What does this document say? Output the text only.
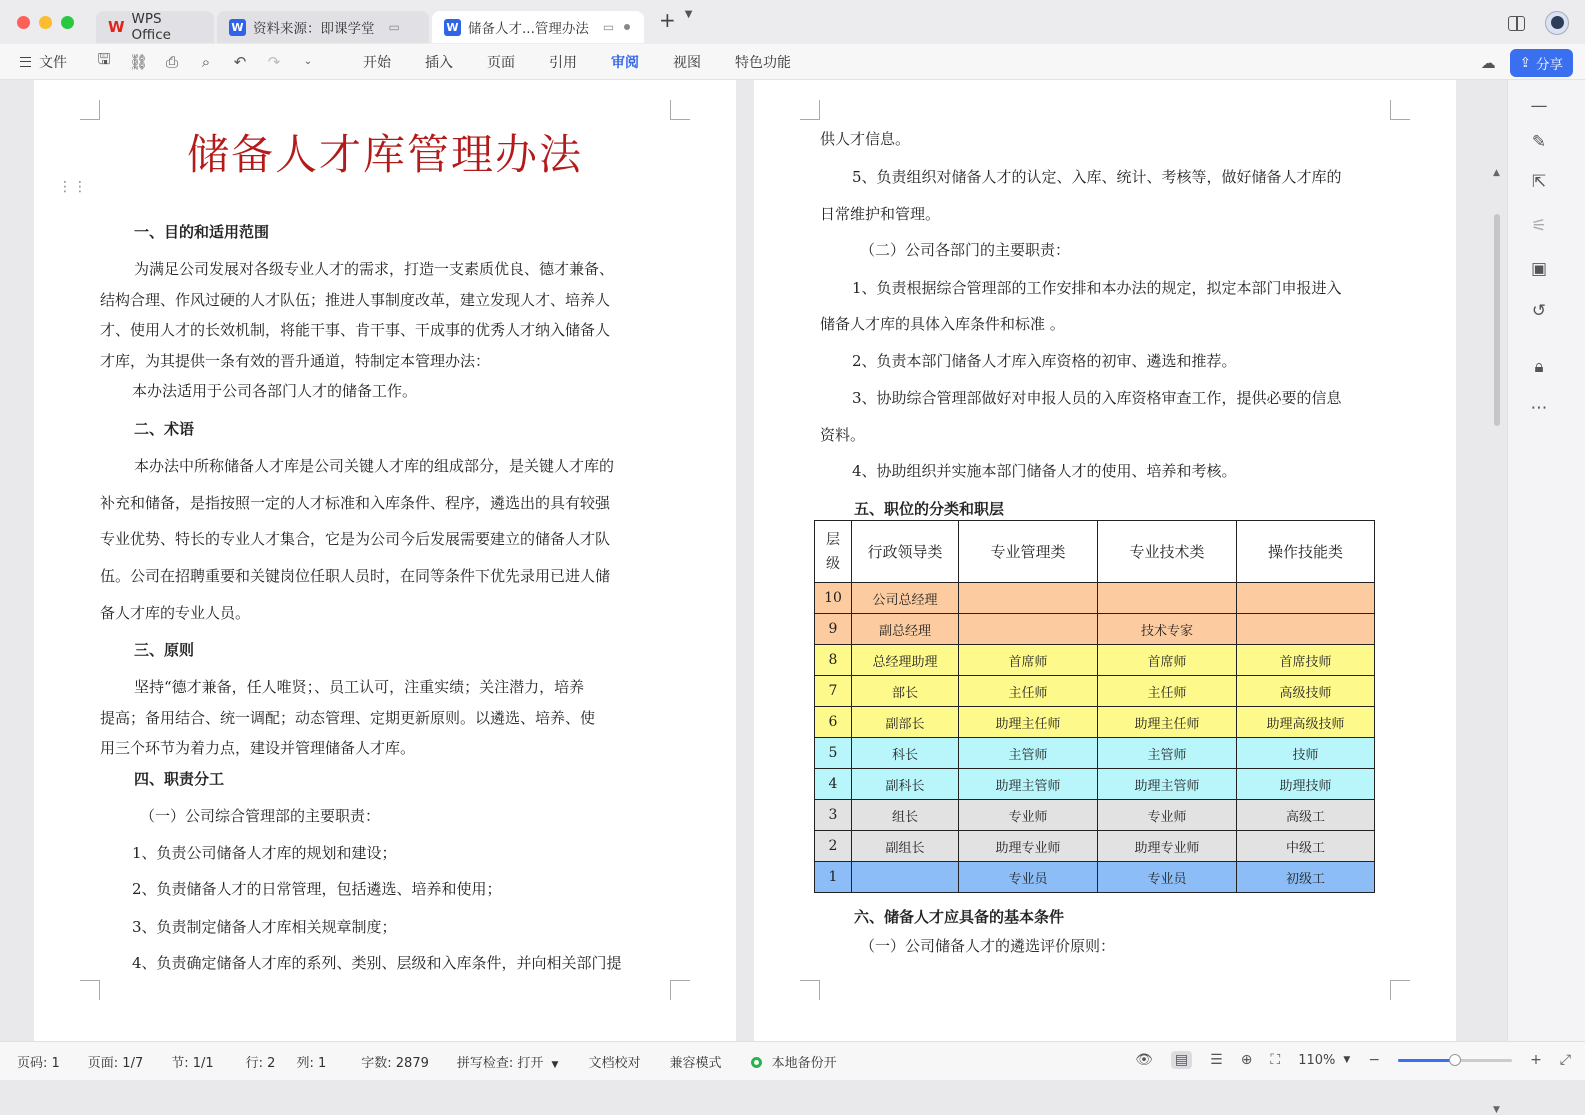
W WPS Office	W 资料来源：即课学堂 ▭	W 储备人才...管理办法 ▭ + ▼
文件 🖫 ⛓ ⎙	⌕	↶ ↷	⌄	开始 插入 页面 引用 审阅 视图 特色功能	☁ ⇪ 分享
储备人才库管理办法
⋮⋮
一、目的和适用范围
为满足公司发展对各级专业人才的需求，打造一支素质优良、德才兼备、
结构合理、作风过硬的人才队伍；推进人事制度改革，建立发现人才、培养人
才、使用人才的长效机制，将能干事、肯干事、干成事的优秀人才纳入储备人
才库，为其提供一条有效的晋升通道，特制定本管理办法：
本办法适用于公司各部门人才的储备工作。
二、术语
本办法中所称储备人才库是公司关键人才库的组成部分，是关键人才库的
补充和储备，是指按照一定的人才标准和入库条件、程序，遴选出的具有较强
专业优势、特长的专业人才集合，它是为公司今后发展需要建立的储备人才队
伍。公司在招聘重要和关键岗位任职人员时，在同等条件下优先录用已进人储
备人才库的专业人员。
三、原则
坚持“德才兼备，任人唯贤；、员工认可，注重实绩；关注潜力，培养
提高；备用结合、统一调配；动态管理、定期更新原则。以遴选、培养、使
用三个环节为着力点，建设并管理储备人才库。
四、职责分工
（一）公司综合管理部的主要职责：
1、负责公司储备人才库的规划和建设；
2、负责储备人才的日常管理，包括遴选、培养和使用；
3、负责制定储备人才库相关规章制度；
4、负责确定储备人才库的系列、类别、层级和入库条件，并向相关部门提
供人才信息。
5、负责组织对储备人才的认定、入库、统计、考核等，做好储备人才库的
日常维护和管理。
（二）公司各部门的主要职责：
1、负责根据综合管理部的工作安排和本办法的规定，拟定本部门申报进入
储备人才库的具体入库条件和标准 。
2、负责本部门储备人才库入库资格的初审、遴选和推荐。
3、协助综合管理部做好对申报人员的入库资格审查工作，提供必要的信息
资料。
4、协助组织并实施本部门储备人才的使用、培养和考核。
五、职位的分类和职层
层
级	行政领导类	专业管理类	专业技术类	操作技能类
10	公司总经理			
9	副总经理		技术专家	
8	总经理助理	首席师	首席师	首席技师
7	部长	主任师	主任师	高级技师
6	副部长	助理主任师	助理主任师	助理高级技师
5	科长	主管师	主管师	技师
4	副科长	助理主管师	助理主管师	助理技师
3	组长	专业师	专业师	高级工
2	副组长	助理专业师	助理专业师	中级工
1		专业员	专业员	初级工
六、储备人才应具备的基本条件
（一）公司储备人才的遴选评价原则：
▲
▼
—
✎
⇱
⚟
▣
↺
🔒︎
⋯
页码: 1 页面: 1/7 节: 1/1 行: 2 列: 1	字数: 2879 拼写检查: 打开 ▼ 文档校对 兼容模式	本地备份开	👁︎ ▤ ☰ ⊕ ⛶ 110% ▼ −	+ ⤢
